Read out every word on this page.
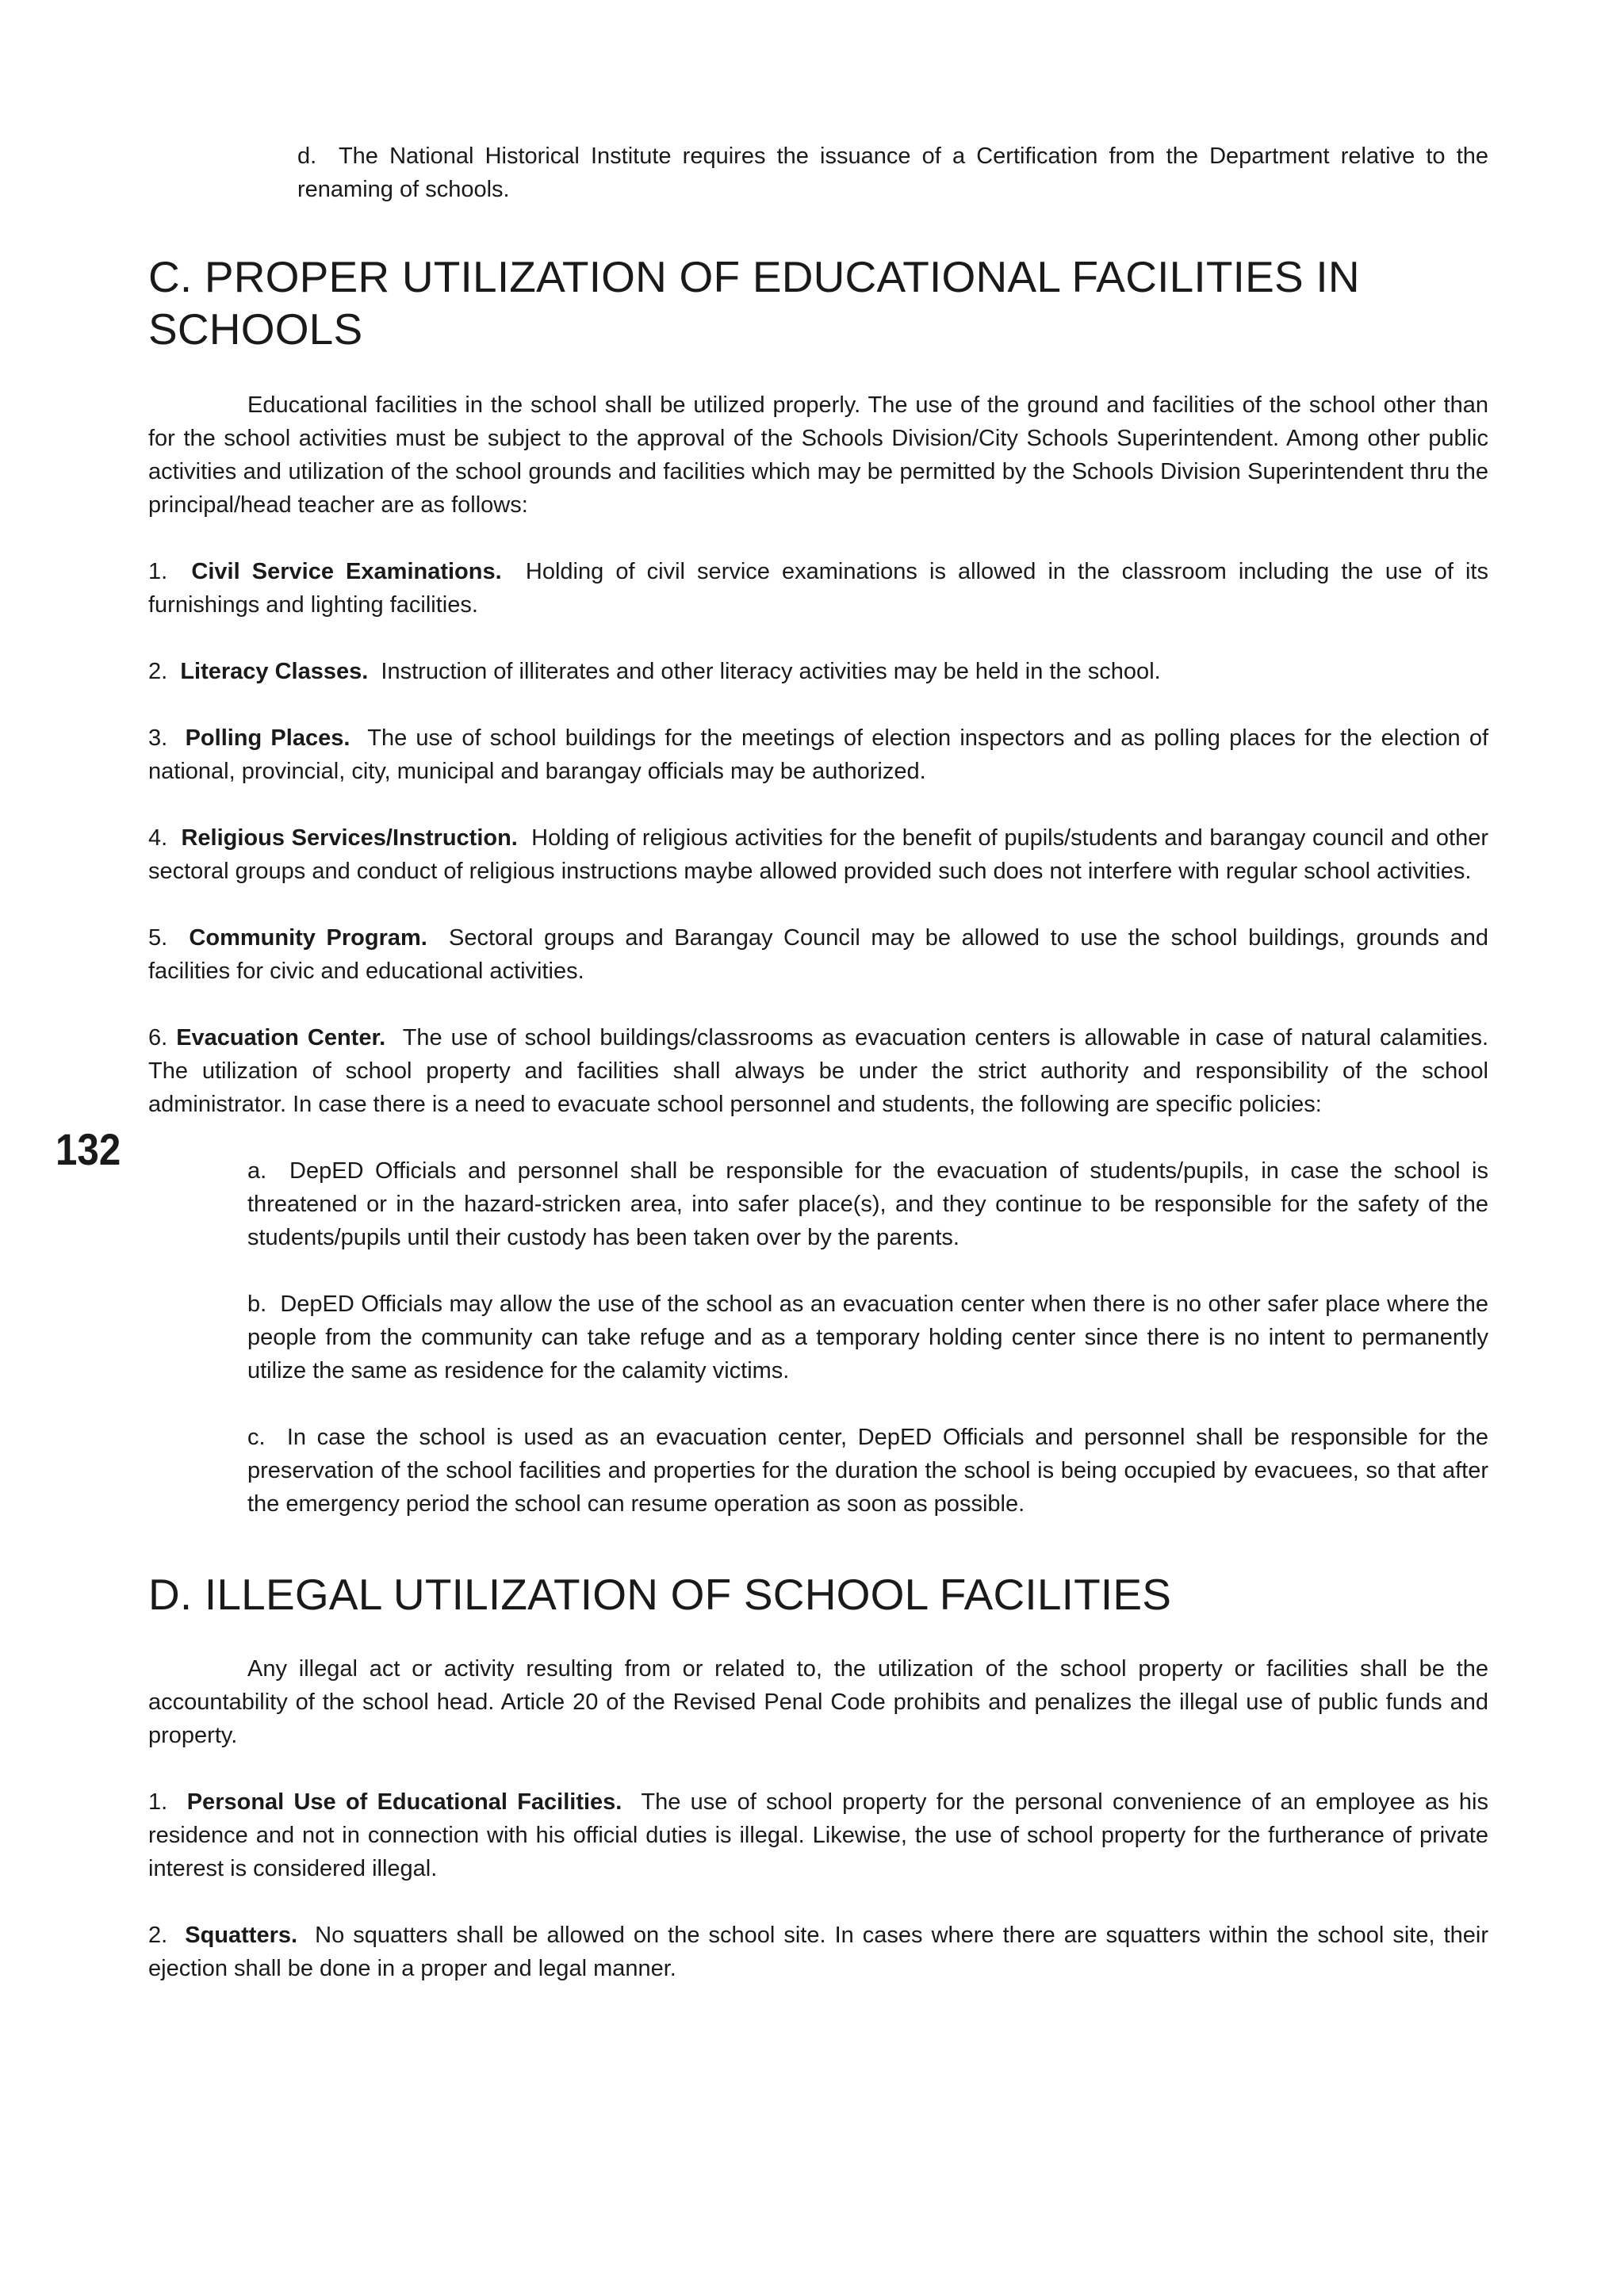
132

d. The National Historical Institute requires the issuance of a Certification from the Department relative to the renaming of schools.

C. PROPER UTILIZATION OF EDUCATIONAL FACILITIES IN SCHOOLS

Educational facilities in the school shall be utilized properly. The use of the ground and facilities of the school other than for the school activities must be subject to the approval of the Schools Division/City Schools Superintendent. Among other public activities and utilization of the school grounds and facilities which may be permitted by the Schools Division Superintendent thru the principal/head teacher are as follows:

1. Civil Service Examinations. Holding of civil service examinations is allowed in the classroom including the use of its furnishings and lighting facilities.

2. Literacy Classes. Instruction of illiterates and other literacy activities may be held in the school.

3. Polling Places. The use of school buildings for the meetings of election inspectors and as polling places for the election of national, provincial, city, municipal and barangay officials may be authorized.

4. Religious Services/Instruction. Holding of religious activities for the benefit of pupils/students and barangay council and other sectoral groups and conduct of religious instructions maybe allowed provided such does not interfere with regular school activities.

5. Community Program. Sectoral groups and Barangay Council may be allowed to use the school buildings, grounds and facilities for civic and educational activities.

6. Evacuation Center. The use of school buildings/classrooms as evacuation centers is allowable in case of natural calamities. The utilization of school property and facilities shall always be under the strict authority and responsibility of the school administrator. In case there is a need to evacuate school personnel and students, the following are specific policies:

a. DepED Officials and personnel shall be responsible for the evacuation of students/pupils, in case the school is threatened or in the hazard-stricken area, into safer place(s), and they continue to be responsible for the safety of the students/pupils until their custody has been taken over by the parents.

b. DepED Officials may allow the use of the school as an evacuation center when there is no other safer place where the people from the community can take refuge and as a temporary holding center since there is no intent to permanently utilize the same as residence for the calamity victims.

c. In case the school is used as an evacuation center, DepED Officials and personnel shall be responsible for the preservation of the school facilities and properties for the duration the school is being occupied by evacuees, so that after the emergency period the school can resume operation as soon as possible.

D. ILLEGAL UTILIZATION OF SCHOOL FACILITIES

Any illegal act or activity resulting from or related to, the utilization of the school property or facilities shall be the accountability of the school head. Article 20 of the Revised Penal Code prohibits and penalizes the illegal use of public funds and property.

1. Personal Use of Educational Facilities. The use of school property for the personal convenience of an employee as his residence and not in connection with his official duties is illegal. Likewise, the use of school property for the furtherance of private interest is considered illegal.

2. Squatters. No squatters shall be allowed on the school site. In cases where there are squatters within the school site, their ejection shall be done in a proper and legal manner.
